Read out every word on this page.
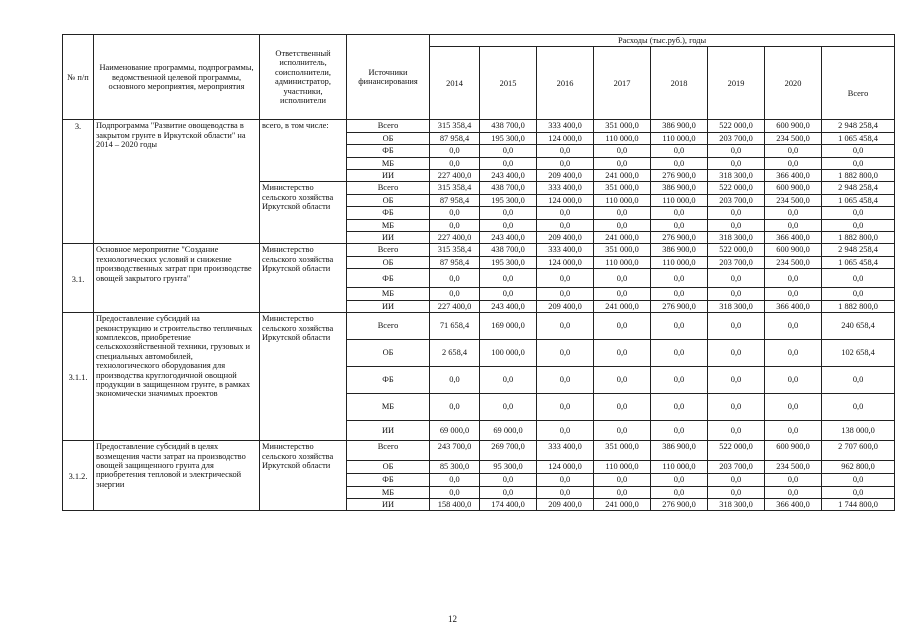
№ п/п	Наименование программы, подпрограммы, ведомственной целевой программы, основного мероприятия, мероприятия	Ответственный исполнитель, соисполнители, администратор, участники, исполнители	Источники финансирования	Расходы (тыс.руб.), годы							
				2014	2015	2016	2017	2018	2019	2020	Всего
3.	Подпрограмма "Развитие овощеводства в закрытом грунте в Иркутской области" на 2014 – 2020 годы	всего, в том числе:	Всего	315 358,4	438 700,0	333 400,0	351 000,0	386 900,0	522 000,0	600 900,0	2 948 258,4
			ОБ	87 958,4	195 300,0	124 000,0	110 000,0	110 000,0	203 700,0	234 500,0	1 065 458,4
			ФБ	0,0	0,0	0,0	0,0	0,0	0,0	0,0	0,0
			МБ	0,0	0,0	0,0	0,0	0,0	0,0	0,0	0,0
			ИИ	227 400,0	243 400,0	209 400,0	241 000,0	276 900,0	318 300,0	366 400,0	1 882 800,0
		Министерство сельского хозяйства Иркутской области	Всего	315 358,4	438 700,0	333 400,0	351 000,0	386 900,0	522 000,0	600 900,0	2 948 258,4
			ОБ	87 958,4	195 300,0	124 000,0	110 000,0	110 000,0	203 700,0	234 500,0	1 065 458,4
			ФБ	0,0	0,0	0,0	0,0	0,0	0,0	0,0	0,0
			МБ	0,0	0,0	0,0	0,0	0,0	0,0	0,0	0,0
			ИИ	227 400,0	243 400,0	209 400,0	241 000,0	276 900,0	318 300,0	366 400,0	1 882 800,0
3.1.	Основное мероприятие "Создание технологических условий и снижение производственных затрат при производстве овощей закрытого грунта"	Министерство сельского хозяйства Иркутской области	Всего	315 358,4	438 700,0	333 400,0	351 000,0	386 900,0	522 000,0	600 900,0	2 948 258,4
			ОБ	87 958,4	195 300,0	124 000,0	110 000,0	110 000,0	203 700,0	234 500,0	1 065 458,4
			ФБ	0,0	0,0	0,0	0,0	0,0	0,0	0,0	0,0
			МБ	0,0	0,0	0,0	0,0	0,0	0,0	0,0	0,0
			ИИ	227 400,0	243 400,0	209 400,0	241 000,0	276 900,0	318 300,0	366 400,0	1 882 800,0
3.1.1.	Предоставление субсидий на реконструкцию и строительство тепличных комплексов, приобретение сельскохозяйственной техники, грузовых и специальных автомобилей, технологического оборудования для производства круглогодичной овощной продукции в защищенном грунте, в рамках экономически значимых проектов	Министерство сельского хозяйства Иркутской области	Всего	71 658,4	169 000,0	0,0	0,0	0,0	0,0	0,0	240 658,4
			ОБ	2 658,4	100 000,0	0,0	0,0	0,0	0,0	0,0	102 658,4
			ФБ	0,0	0,0	0,0	0,0	0,0	0,0	0,0	0,0
			МБ	0,0	0,0	0,0	0,0	0,0	0,0	0,0	0,0
			ИИ	69 000,0	69 000,0	0,0	0,0	0,0	0,0	0,0	138 000,0
3.1.2.	Предоставление субсидий в целях возмещения части затрат на производство овощей защищенного грунта для приобретения тепловой и электрической энергии	Министерство сельского хозяйства Иркутской области	Всего	243 700,0	269 700,0	333 400,0	351 000,0	386 900,0	522 000,0	600 900,0	2 707 600,0
			ОБ	85 300,0	95 300,0	124 000,0	110 000,0	110 000,0	203 700,0	234 500,0	962 800,0
			ФБ	0,0	0,0	0,0	0,0	0,0	0,0	0,0	0,0
			МБ	0,0	0,0	0,0	0,0	0,0	0,0	0,0	0,0
			ИИ	158 400,0	174 400,0	209 400,0	241 000,0	276 900,0	318 300,0	366 400,0	1 744 800,0
12
